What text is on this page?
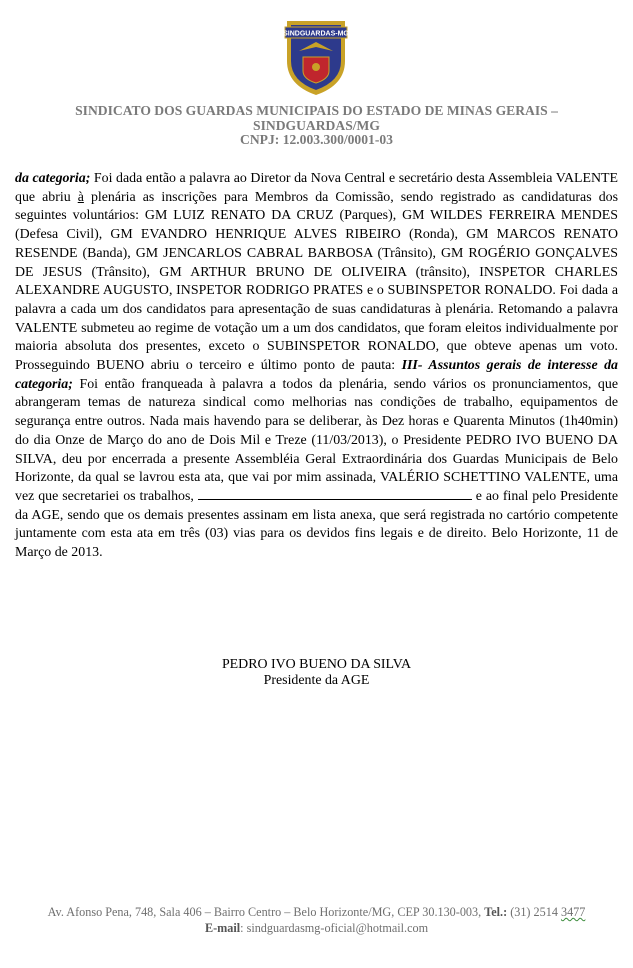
SINDGUARDAS-MG
SINDICATO DOS GUARDAS MUNICIPAIS DO ESTADO DE MINAS GERAIS –
SINDGUARDAS/MG
CNPJ: 12.003.300/0001-03
da categoria; Foi dada então a palavra ao Diretor da Nova Central e secretário desta Assembleia VALENTE que abriu à plenária as inscrições para Membros da Comissão, sendo registrado as candidaturas dos seguintes voluntários: GM LUIZ RENATO DA CRUZ (Parques), GM WILDES FERREIRA MENDES (Defesa Civil), GM EVANDRO HENRIQUE ALVES RIBEIRO (Ronda), GM MARCOS RENATO RESENDE (Banda), GM JENCARLOS CABRAL BARBOSA (Trânsito), GM ROGÉRIO GONÇALVES DE JESUS (Trânsito), GM ARTHUR BRUNO DE OLIVEIRA (trânsito), INSPETOR CHARLES ALEXANDRE AUGUSTO, INSPETOR RODRIGO PRATES e o SUBINSPETOR RONALDO. Foi dada a palavra a cada um dos candidatos para apresentação de suas candidaturas à plenária. Retomando a palavra VALENTE submeteu ao regime de votação um a um dos candidatos, que foram eleitos individualmente por maioria absoluta dos presentes, exceto o SUBINSPETOR RONALDO, que obteve apenas um voto. Prosseguindo BUENO abriu o terceiro e último ponto de pauta: III- Assuntos gerais de interesse da categoria; Foi então franqueada à palavra a todos da plenária, sendo vários os pronunciamentos, que abrangeram temas de natureza sindical como melhorias nas condições de trabalho, equipamentos de segurança entre outros. Nada mais havendo para se deliberar, às Dez horas e Quarenta Minutos (1h40min) do dia Onze de Março do ano de Dois Mil e Treze (11/03/2013), o Presidente PEDRO IVO BUENO DA SILVA, deu por encerrada a presente Assembléia Geral Extraordinária dos Guardas Municipais de Belo Horizonte, da qual se lavrou esta ata, que vai por mim assinada, VALÉRIO SCHETTINO VALENTE, uma vez que secretariei os trabalhos,	e ao final pelo Presidente da AGE, sendo que os demais presentes assinam em lista anexa, que será registrada no cartório competente juntamente com esta ata em três (03) vias para os devidos fins legais e de direito. Belo Horizonte, 11 de Março de 2013.
PEDRO IVO BUENO DA SILVA
Presidente da AGE
Av. Afonso Pena, 748, Sala 406 – Bairro Centro – Belo Horizonte/MG, CEP 30.130-003, Tel.: (31) 2514 3477
E-mail: sindguardasmg-oficial@hotmail.com
